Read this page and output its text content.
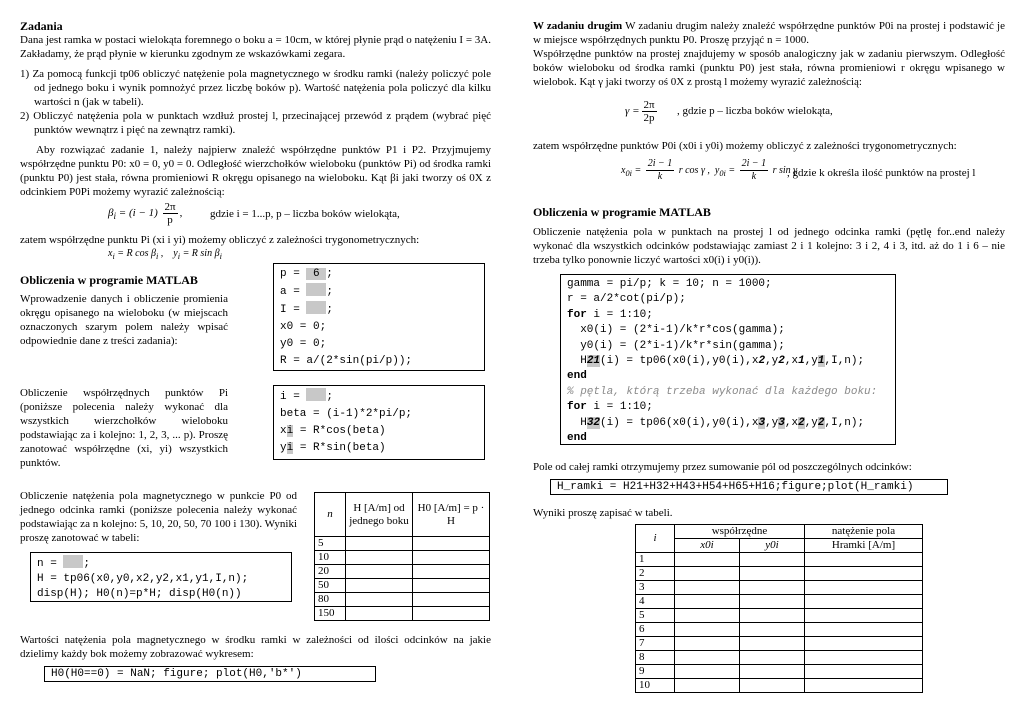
Zadania

Dana jest ramka w postaci wielokąta foremnego o boku a = 10cm, w której płynie prąd o natężeniu I = 3A. Zakładamy, że prąd płynie w kierunku zgodnym ze wskazówkami zegara.

1) Za pomocą funkcji tp06 obliczyć natężenie pola magnetycznego w środku ramki (należy policzyć pole od jednego boku i wynik pomnożyć przez liczbę boków p). Wartość natężenia pola policzyć dla kilku wartości n (jak w tabeli).

2) Obliczyć natężenia pola w punktach wzdłuż prostej l, przecinającej przewód z prądem (wybrać pięć punktów wewnątrz i pięć na zewnątrz ramki).

Aby rozwiązać zadanie 1, należy najpierw znaleźć współrzędne punktów P1 i P2. Przyjmujemy współrzędne punktu P0: x0 = 0, y0 = 0. Odległość wierzchołków wieloboku (punktów Pi) od środka ramki (punktu P0) jest stała, równa promieniowi R okręgu opisanego na wieloboku. Kąt βi jaki tworzy oś 0X z odcinkiem P0Pi możemy wyrazić zależnością:

$\beta_i = (i - 1) \frac{2\pi}{p}$ ,	gdzie i = 1...p, p – liczba boków wielokąta,

zatem współrzędne punktu Pi (xi i yi) możemy obliczyć z zależności trygonometrycznych:

$x_i = R$ $\cos \beta_i$ ,    $y_i = R$ $\sin \beta_i$

Obliczenia w programie MATLAB

Wprowadzenie danych i obliczenie promienia okręgu opisanego na wieloboku (w miejscach oznaczonych szarym polem należy wpisać odpowiednie dane z treści zadania):

p =  6 ;
a = ;
I = ;
x0 = 0;
y0 = 0;
R = a/(2*sin(pi/p));

Obliczenie współrzędnych punktów Pi (poniższe polecenia należy wykonać dla wszystkich wierzchołków wieloboku podstawiając za i kolejno: 1, 2, 3, ... p). Proszę zanotować współrzędne (xi, yi) wszystkich punktów.

i = ;
beta = (i-1)*2*pi/p;
xi = R*cos(beta)
yi = R*sin(beta)

Obliczenie natężenia pola magnetycznego w punkcie P0 od jednego odcinka ramki (poniższe polecenia należy wykonać podstawiając za n kolejno: 5, 10, 20, 50, 70 100 i 130). Wyniki proszę zanotować w tabeli:

n	H [A/m] od jednego boku	H0 [A/m] = p · H
5		
10		
20		
50		
80		
150		
n = ;
H = tp06(x0,y0,x2,y2,x1,y1,I,n);
disp(H); H0(n)=p*H; disp(H0(n))

Wartości natężenia pola magnetycznego w środku ramki w zależności od ilości odcinków na jakie dzielimy każdy bok możemy zobrazować wykresem:

H0(H0==0) = NaN; figure; plot(H0,'b*')

W zadaniu drugim W zadaniu drugim należy znaleźć współrzędne punktów P0i na prostej i podstawić je w miejsce współrzędnych punktu P0. Proszę przyjąć n = 1000.

Współrzędne punktów na prostej znajdujemy w sposób analogiczny jak w zadaniu pierwszym. Odległość boków wieloboku od środka ramki (punktu P0) jest stała, równa promieniowi r okręgu wpisanego w wielobok. Kąt γ jaki tworzy oś 0X z prostą l możemy wyrazić zależnością:

$\gamma = \frac{2\pi}{2p}$ , gdzie p – liczba boków wielokąta,

zatem współrzędne punktów P0i (x0i i y0i) możemy obliczyć z zależności trygonometrycznych:

$x_{0i} = \frac{2i - 1}{k}$ r cos γ ,  $y_{0i} = \frac{2i - 1}{k}$ r sin γ

, gdzie k określa ilość punktów na prostej l

Obliczenia w programie MATLAB

Obliczenie natężenia pola w punktach na prostej l od jednego odcinka ramki (pętlę for..end należy wykonać dla wszystkich odcinków podstawiając zamiast 2 i 1 kolejno: 3 i 2, 4 i 3, itd. aż do 1 i 6 – nie trzeba tylko ponownie liczyć wartości x0(i) i y0(i)).

gamma = pi/p; k = 10; n = 1000;
r = a/2*cot(pi/p);
for i = 1:10;
x0(i) = (2*i-1)/k*r*cos(gamma);
y0(i) = (2*i-1)/k*r*sin(gamma);
H21(i) = tp06(x0(i),y0(i),x2,y2,x1,y1,I,n);
end
% pętla, którą trzeba wykonać dla każdego boku:
for i = 1:10;
H32(i) = tp06(x0(i),y0(i),x3,y3,x2,y2,I,n);
end

Pole od całej ramki otrzymujemy przez sumowanie pól od poszczególnych odcinków:

H_ramki = H21+H32+H43+H54+H65+H16;figure;plot(H_ramki)

Wyniki proszę zapisać w tabeli.

i	współrzędne		natężenie pola
	x0i	y0i	Hramki [A/m]
1			
2			
3			
4			
5			
6			
7			
8			
9			
10			
